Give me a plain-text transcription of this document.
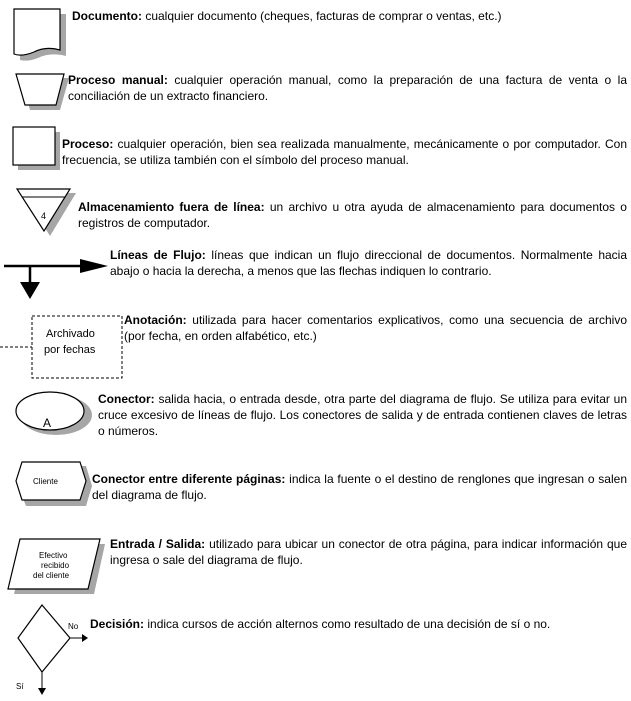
4
Archivado
por fechas
A
Cliente
Efectivo
recibido
del cliente
No
Sí
Documento: cualquier documento (cheques, facturas de comprar o ventas, etc.)
Proceso manual: cualquier operación manual, como la preparación de una factura de venta o la conciliación de un extracto financiero.
Proceso: cualquier operación, bien sea realizada manualmente, mecánicamente o por computador. Con frecuencia, se utiliza también con el símbolo del proceso manual.
Almacenamiento fuera de línea: un archivo u otra ayuda de almacenamiento para documentos o registros de computador.
Líneas de Flujo: líneas que indican un flujo direccional de documentos. Normalmente hacia abajo o hacia la derecha, a menos que las flechas indiquen lo contrario.
Anotación: utilizada para hacer comentarios explicativos, como una secuencia de archivo (por fecha, en orden alfabético, etc.)
Conector: salida hacia, o entrada desde, otra parte del diagrama de flujo. Se utiliza para evitar un cruce excesivo de líneas de flujo. Los conectores de salida y de entrada contienen claves de letras o números.
Conector entre diferente páginas: indica la fuente o el destino de renglones que ingresan o salen del diagrama de flujo.
Entrada / Salida: utilizado para ubicar un conector de otra página, para indicar información que ingresa o sale del diagrama de flujo.
Decisión: indica cursos de acción alternos como resultado de una decisión de sí o no.
